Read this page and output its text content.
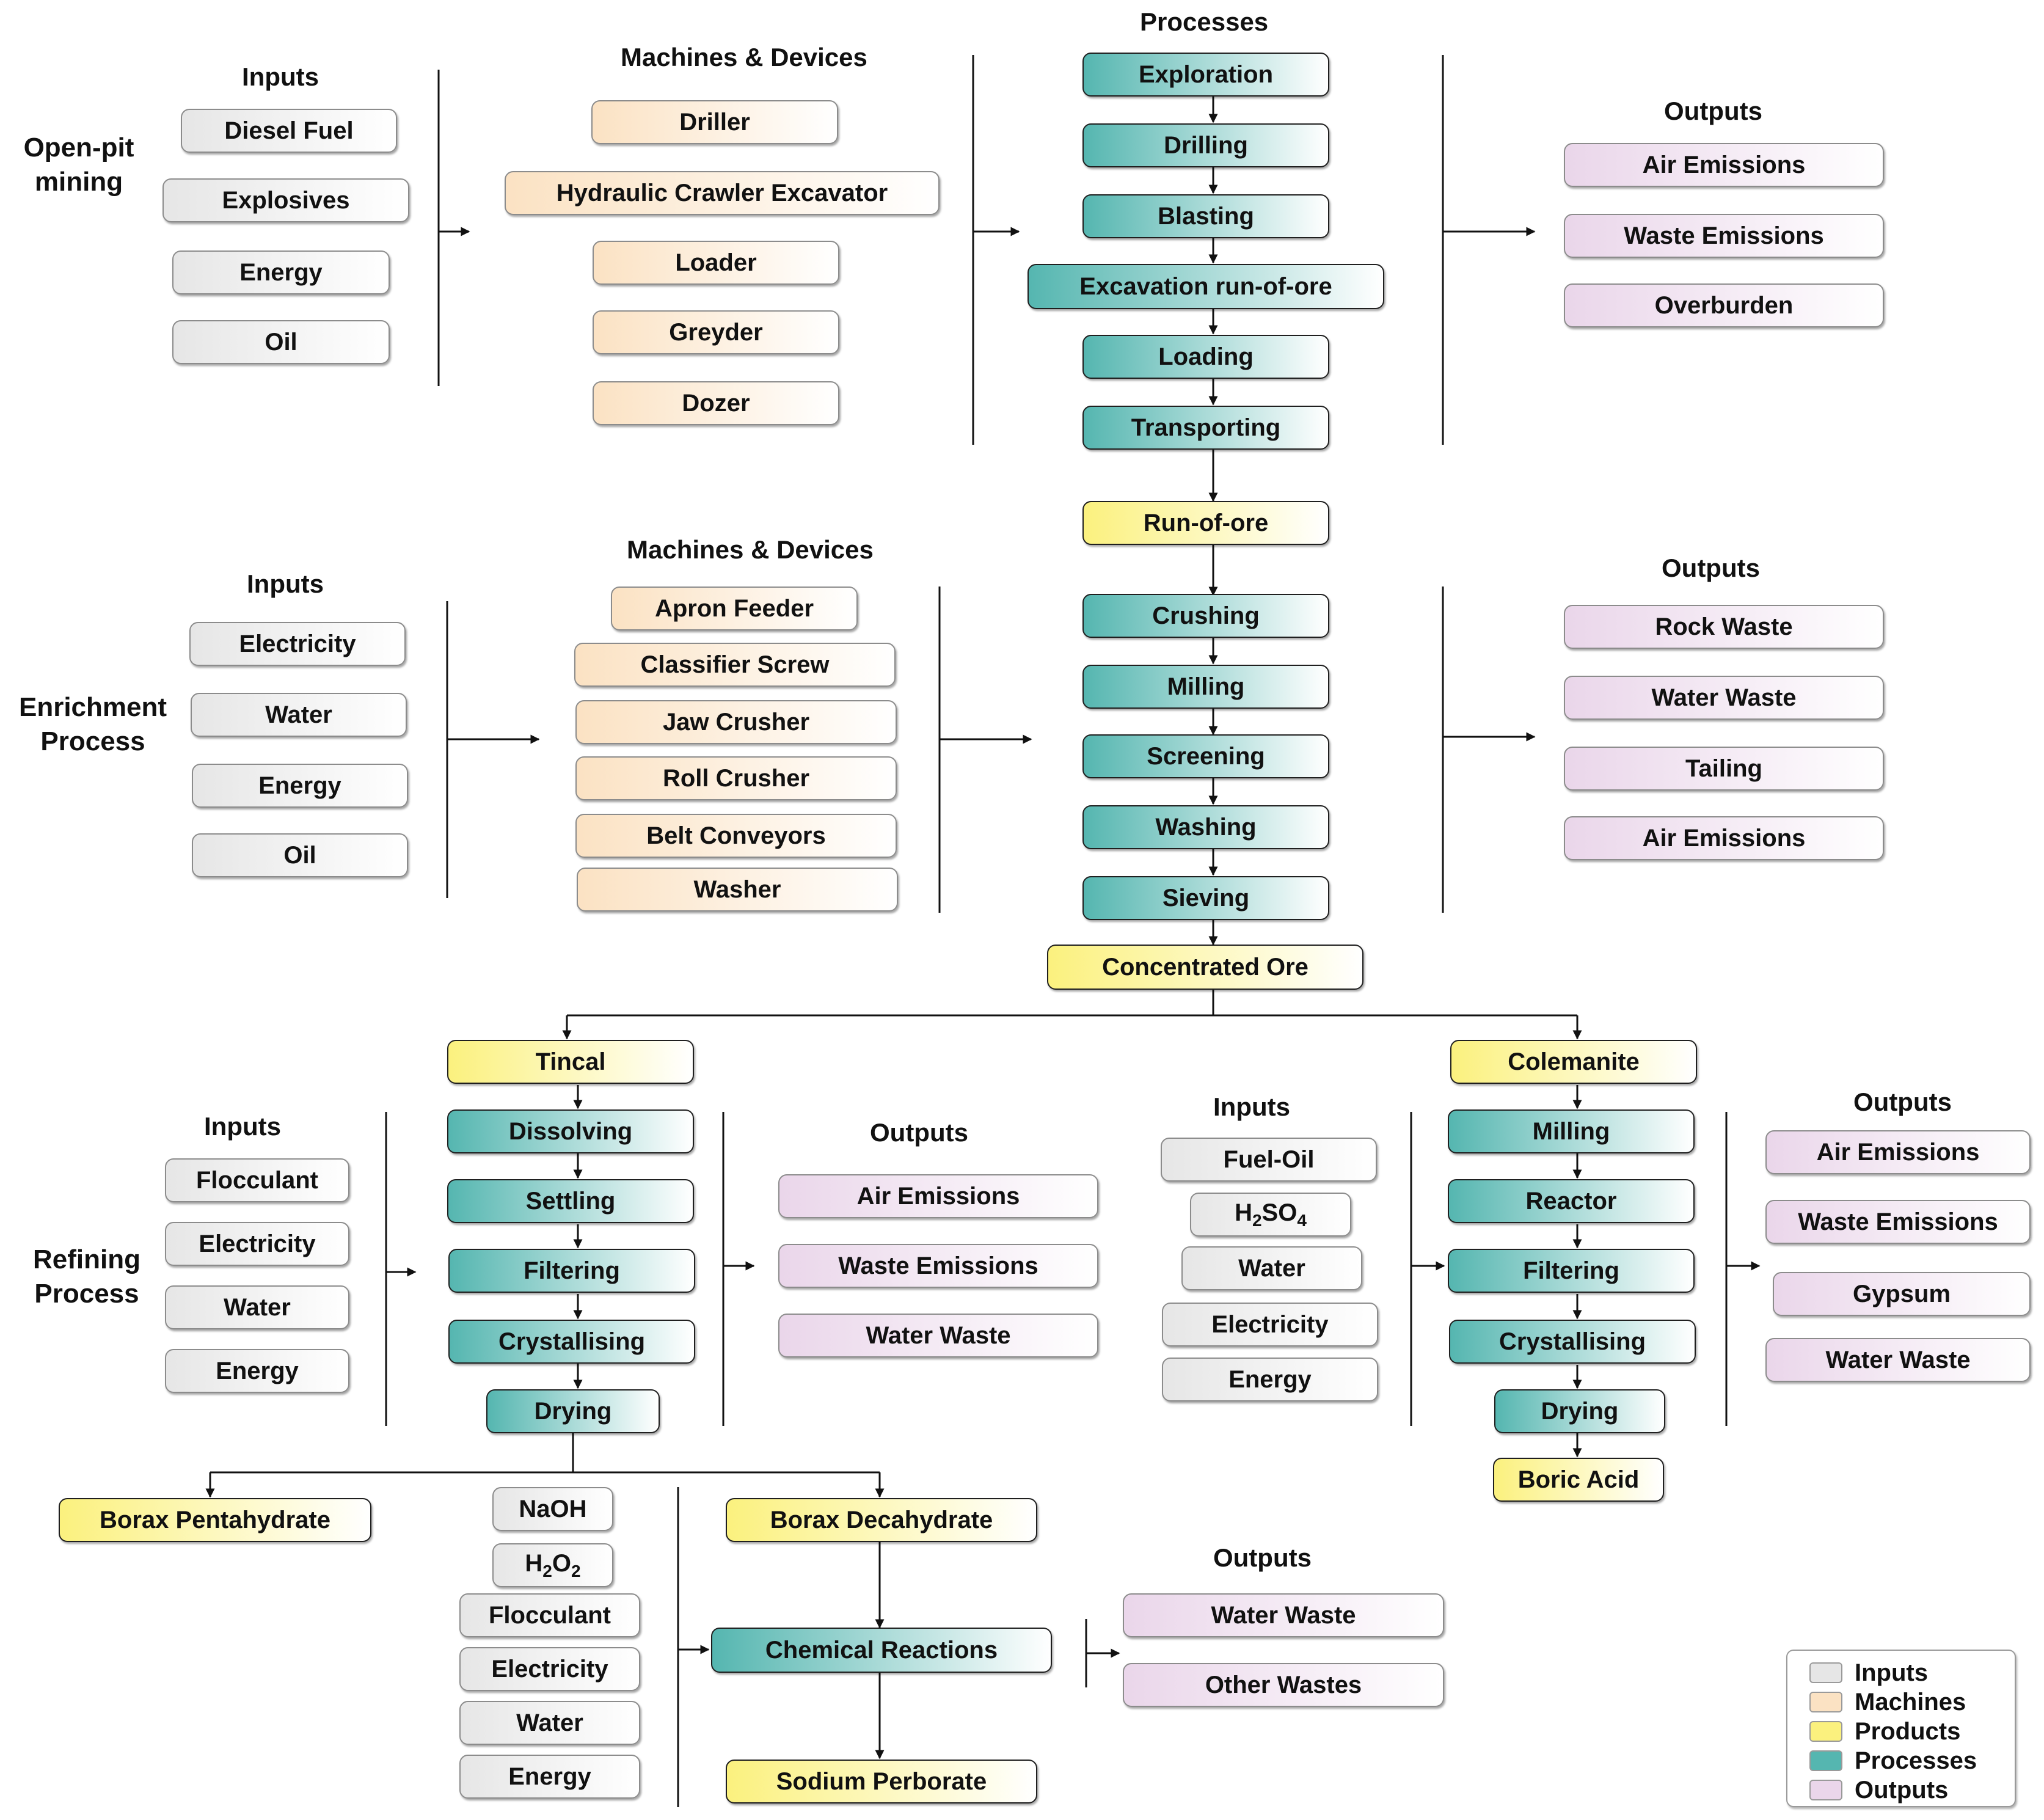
Open-pit mining
Enrichment Process
Refining Process
Inputs
Diesel Fuel
Explosives
Energy
Oil
Machines & Devices
Driller
Hydraulic Crawler Excavator
Loader
Greyder
Dozer
Processes
Exploration
Drilling
Blasting
Excavation run-of-ore
Loading
Transporting
Outputs
Air Emissions
Waste Emissions
Overburden
Run-of-ore
Inputs
Electricity
Water
Energy
Oil
Machines & Devices
Apron Feeder
Classifier Screw
Jaw Crusher
Roll Crusher
Belt Conveyors
Washer
Crushing
Milling
Screening
Washing
Sieving
Outputs
Rock Waste
Water Waste
Tailing
Air Emissions
Concentrated Ore
Tincal
Inputs
Flocculant
Electricity
Water
Energy
Dissolving
Settling
Filtering
Crystallising
Drying
Outputs
Air Emissions
Waste Emissions
Water Waste
Colemanite
Inputs
Fuel-Oil
$H_2SO_4$
Water
Electricity
Energy
Milling
Reactor
Filtering
Crystallising
Drying
Boric Acid
Outputs
Air Emissions
Waste Emissions
Gypsum
Water Waste
Borax Pentahydrate	Borax Decahydrate
NaOH
$H_2O_2$
Flocculant
Electricity
Water
Energy
Chemical Reactions
Sodium Perborate
Outputs
Water Waste
Other Wastes	Inputs
Machines
Products
Processes
Outputs
